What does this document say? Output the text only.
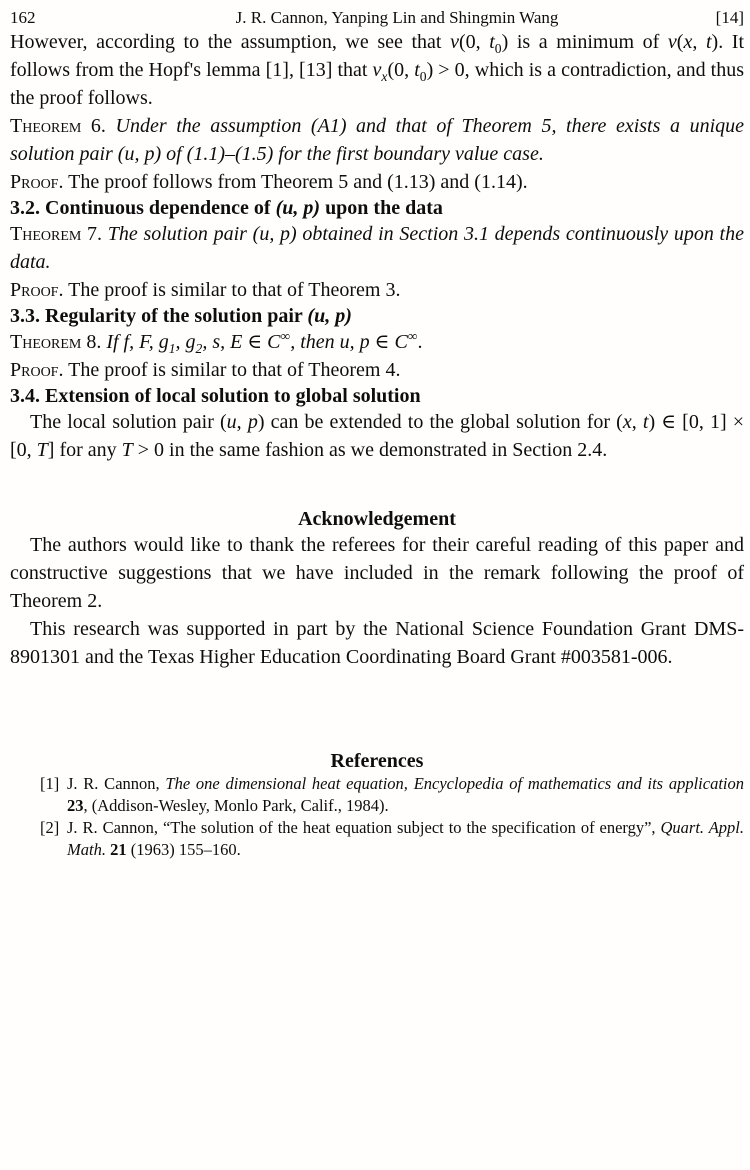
162	J. R. Cannon, Yanping Lin and Shingmin Wang	[14]

However, according to the assumption, we see that v(0, $t_0$) is a minimum of v(x, t). It follows from the Hopf's lemma [1], [13] that $v_x(0$, $t_0) > 0$, which is a contradiction, and thus the proof follows.

Theorem 6. Under the assumption (A1) and that of Theorem 5, there exists a unique solution pair (u, p) of (1.1)–(1.5) for the first boundary value case.

Proof. The proof follows from Theorem 5 and (1.13) and (1.14).

3.2. Continuous dependence of (u, p) upon the data

Theorem 7. The solution pair (u, p) obtained in Section 3.1 depends continuously upon the data.

Proof. The proof is similar to that of Theorem 3.

3.3. Regularity of the solution pair (u, p)

Theorem 8. If f, F, $g_1$, $g_2$, s, E ∈ C∞, then u, p ∈ C∞.

Proof. The proof is similar to that of Theorem 4.

3.4. Extension of local solution to global solution

The local solution pair (u, p) can be extended to the global solution for (x, t) ∈ [0, 1] × [0, T] for any T > 0 in the same fashion as we demonstrated in Section 2.4.

Acknowledgement

The authors would like to thank the referees for their careful reading of this paper and constructive suggestions that we have included in the remark following the proof of Theorem 2.

This research was supported in part by the National Science Foundation Grant DMS-8901301 and the Texas Higher Education Coordinating Board Grant #003581-006.

References

[1] J. R. Cannon, The one dimensional heat equation, Encyclopedia of mathematics and its application 23, (Addison-Wesley, Monlo Park, Calif., 1984).
[2] J. R. Cannon, “The solution of the heat equation subject to the specification of energy”, Quart. Appl. Math. 21 (1963) 155–160.
